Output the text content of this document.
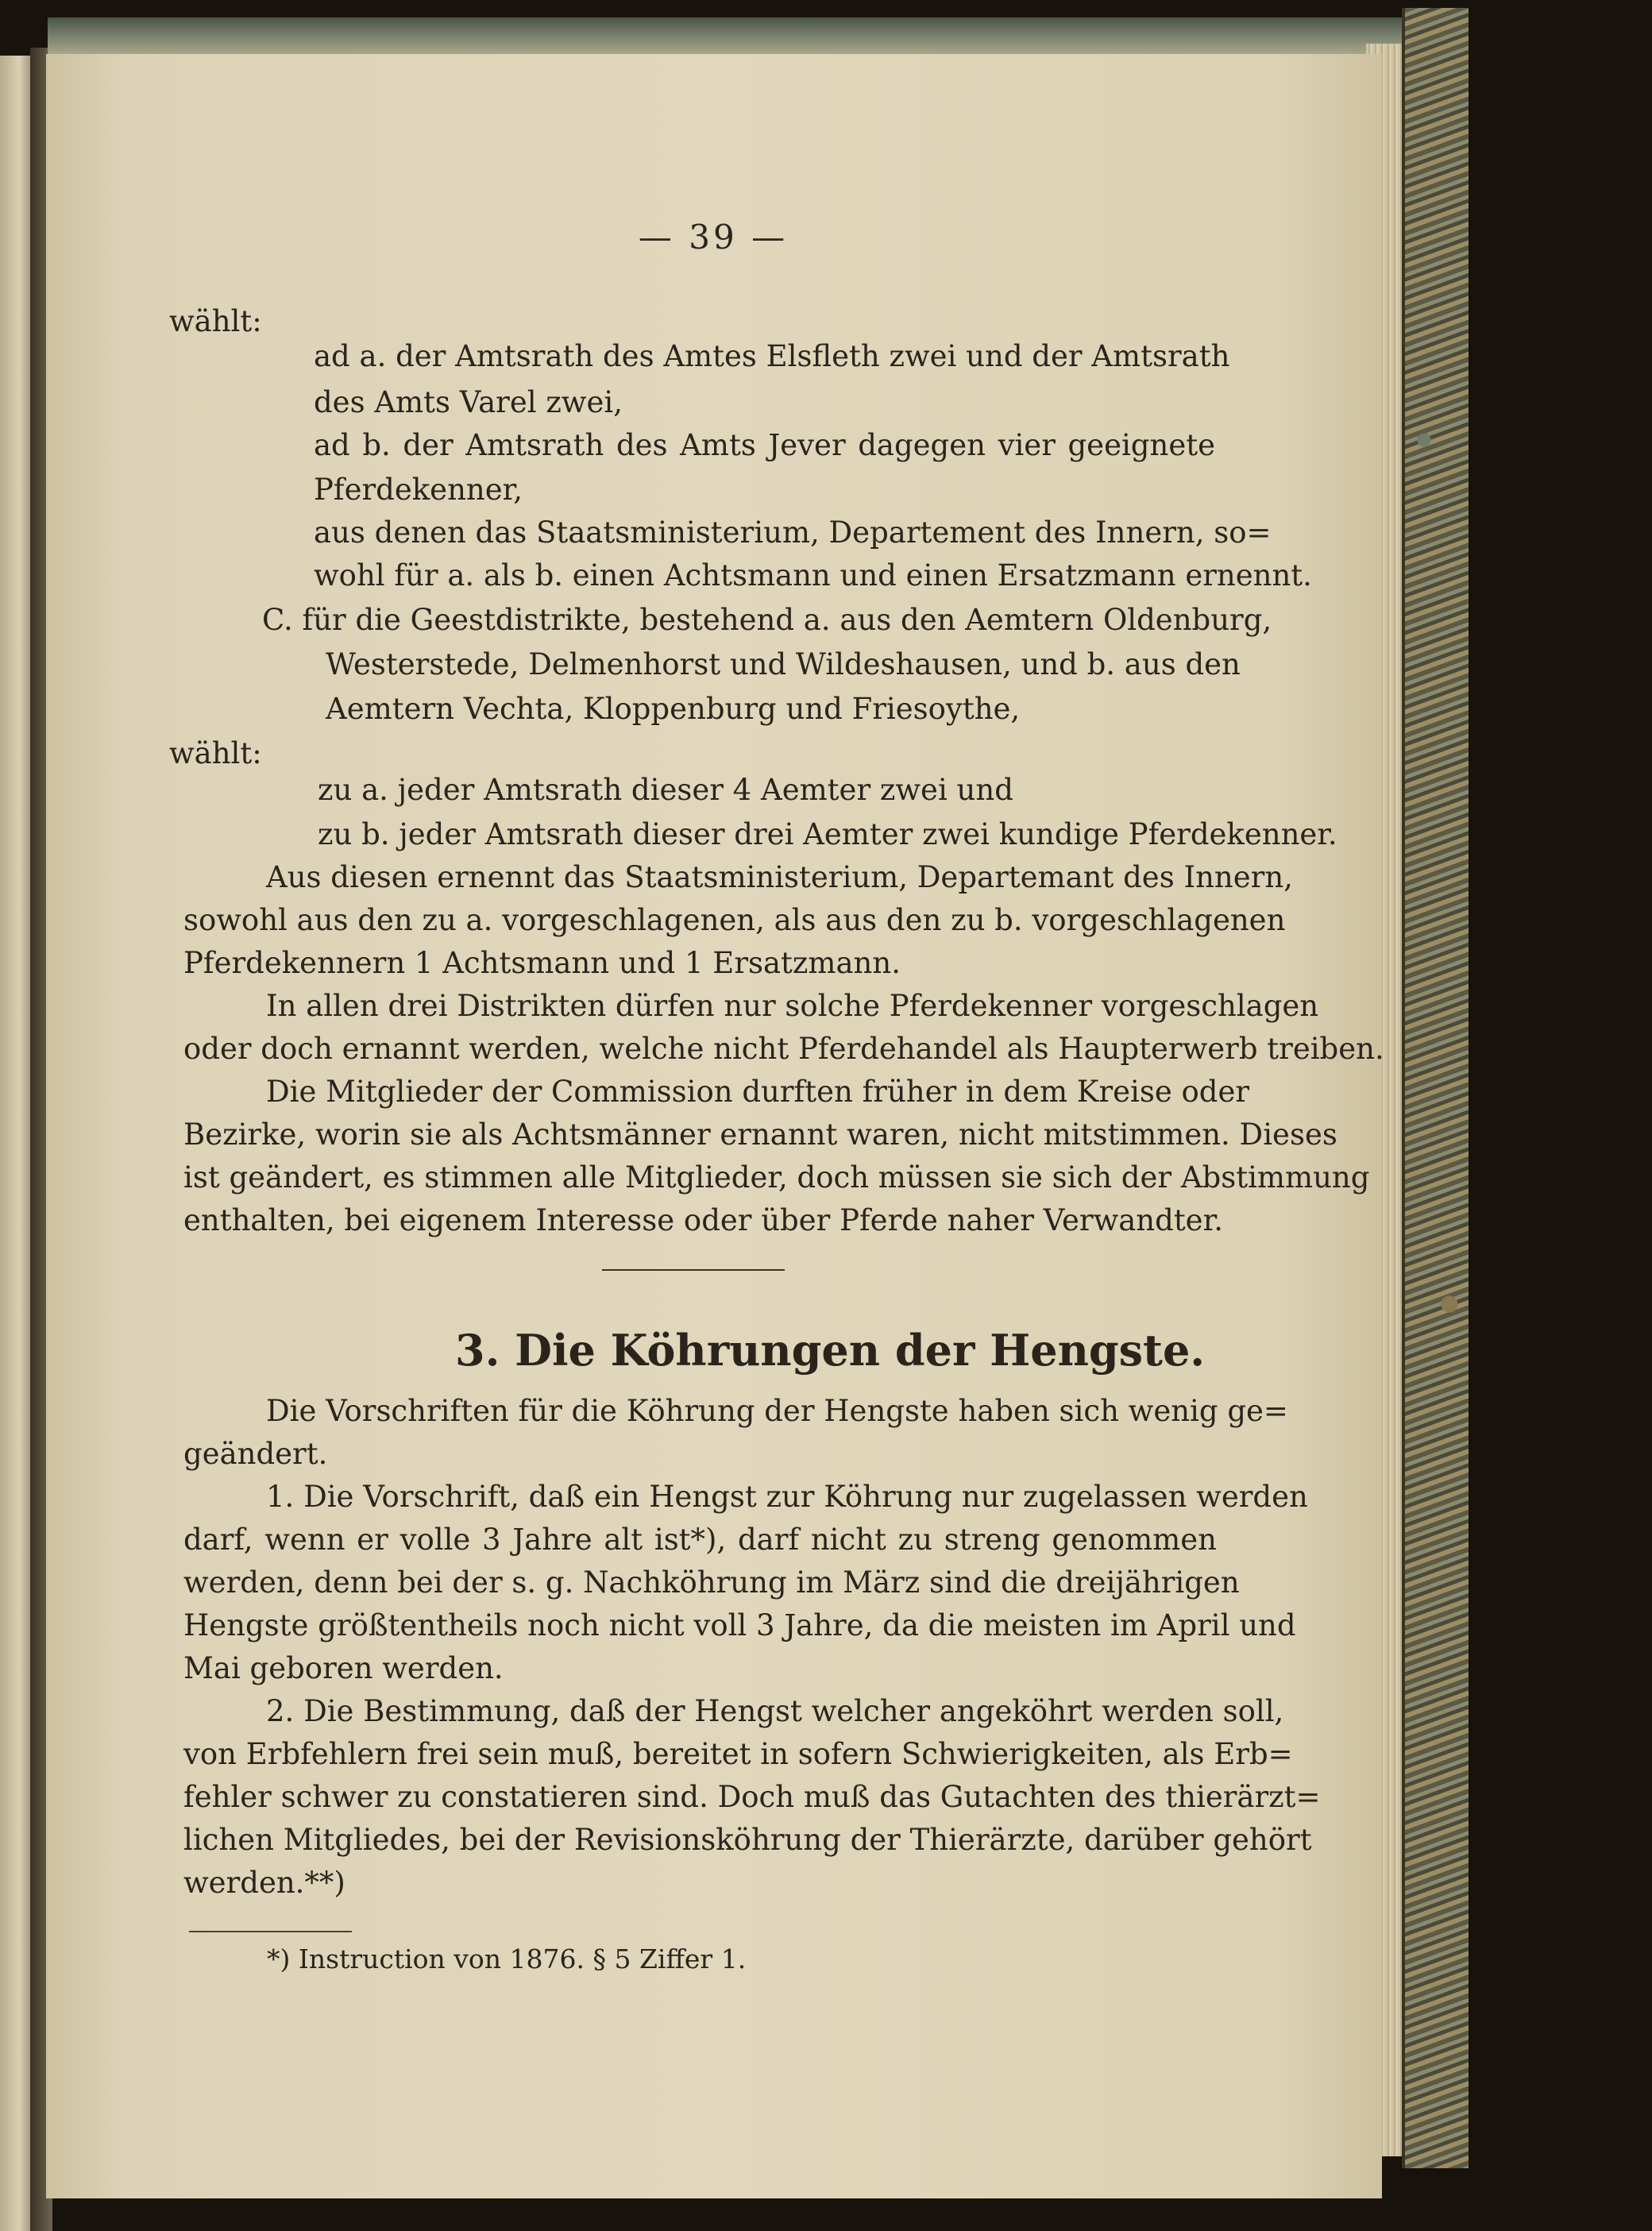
— 39 —
wählt:
ad a. der Amtsrath des Amtes Elsfleth zwei und der Amtsrath
des Amts Varel zwei,
ad b. der Amtsrath des Amts Jever dagegen vier geeignete
Pferdekenner,
aus denen das Staatsministerium, Departement des Innern, so=
wohl für a. als b. einen Achtsmann und einen Ersatzmann ernennt.
C. für die Geestdistrikte, bestehend a. aus den Aemtern Oldenburg,
Westerstede, Delmenhorst und Wildeshausen, und b. aus den
Aemtern Vechta, Kloppenburg und Friesoythe,
wählt:
zu a. jeder Amtsrath dieser 4 Aemter zwei und
zu b. jeder Amtsrath dieser drei Aemter zwei kundige Pferdekenner.
Aus diesen ernennt das Staatsministerium, Departemant des Innern,
sowohl aus den zu a. vorgeschlagenen, als aus den zu b. vorgeschlagenen
Pferdekennern 1 Achtsmann und 1 Ersatzmann.
In allen drei Distrikten dürfen nur solche Pferdekenner vorgeschlagen
oder doch ernannt werden, welche nicht Pferdehandel als Haupterwerb treiben.
Die Mitglieder der Commission durften früher in dem Kreise oder
Bezirke, worin sie als Achtsmänner ernannt waren, nicht mitstimmen. Dieses
ist geändert, es stimmen alle Mitglieder, doch müssen sie sich der Abstimmung
enthalten, bei eigenem Interesse oder über Pferde naher Verwandter.
3. Die Köhrungen der Hengste.
Die Vorschriften für die Köhrung der Hengste haben sich wenig ge=
geändert.
1. Die Vorschrift, daß ein Hengst zur Köhrung nur zugelassen werden
darf, wenn er volle 3 Jahre alt ist*), darf nicht zu streng genommen
werden, denn bei der s. g. Nachköhrung im März sind die dreijährigen
Hengste größtentheils noch nicht voll 3 Jahre, da die meisten im April und
Mai geboren werden.
2. Die Bestimmung, daß der Hengst welcher angeköhrt werden soll,
von Erbfehlern frei sein muß, bereitet in sofern Schwierigkeiten, als Erb=
fehler schwer zu constatieren sind. Doch muß das Gutachten des thierärzt=
lichen Mitgliedes, bei der Revisionsköhrung der Thierärzte, darüber gehört
werden.**)
*) Instruction von 1876. § 5 Ziffer 1.
